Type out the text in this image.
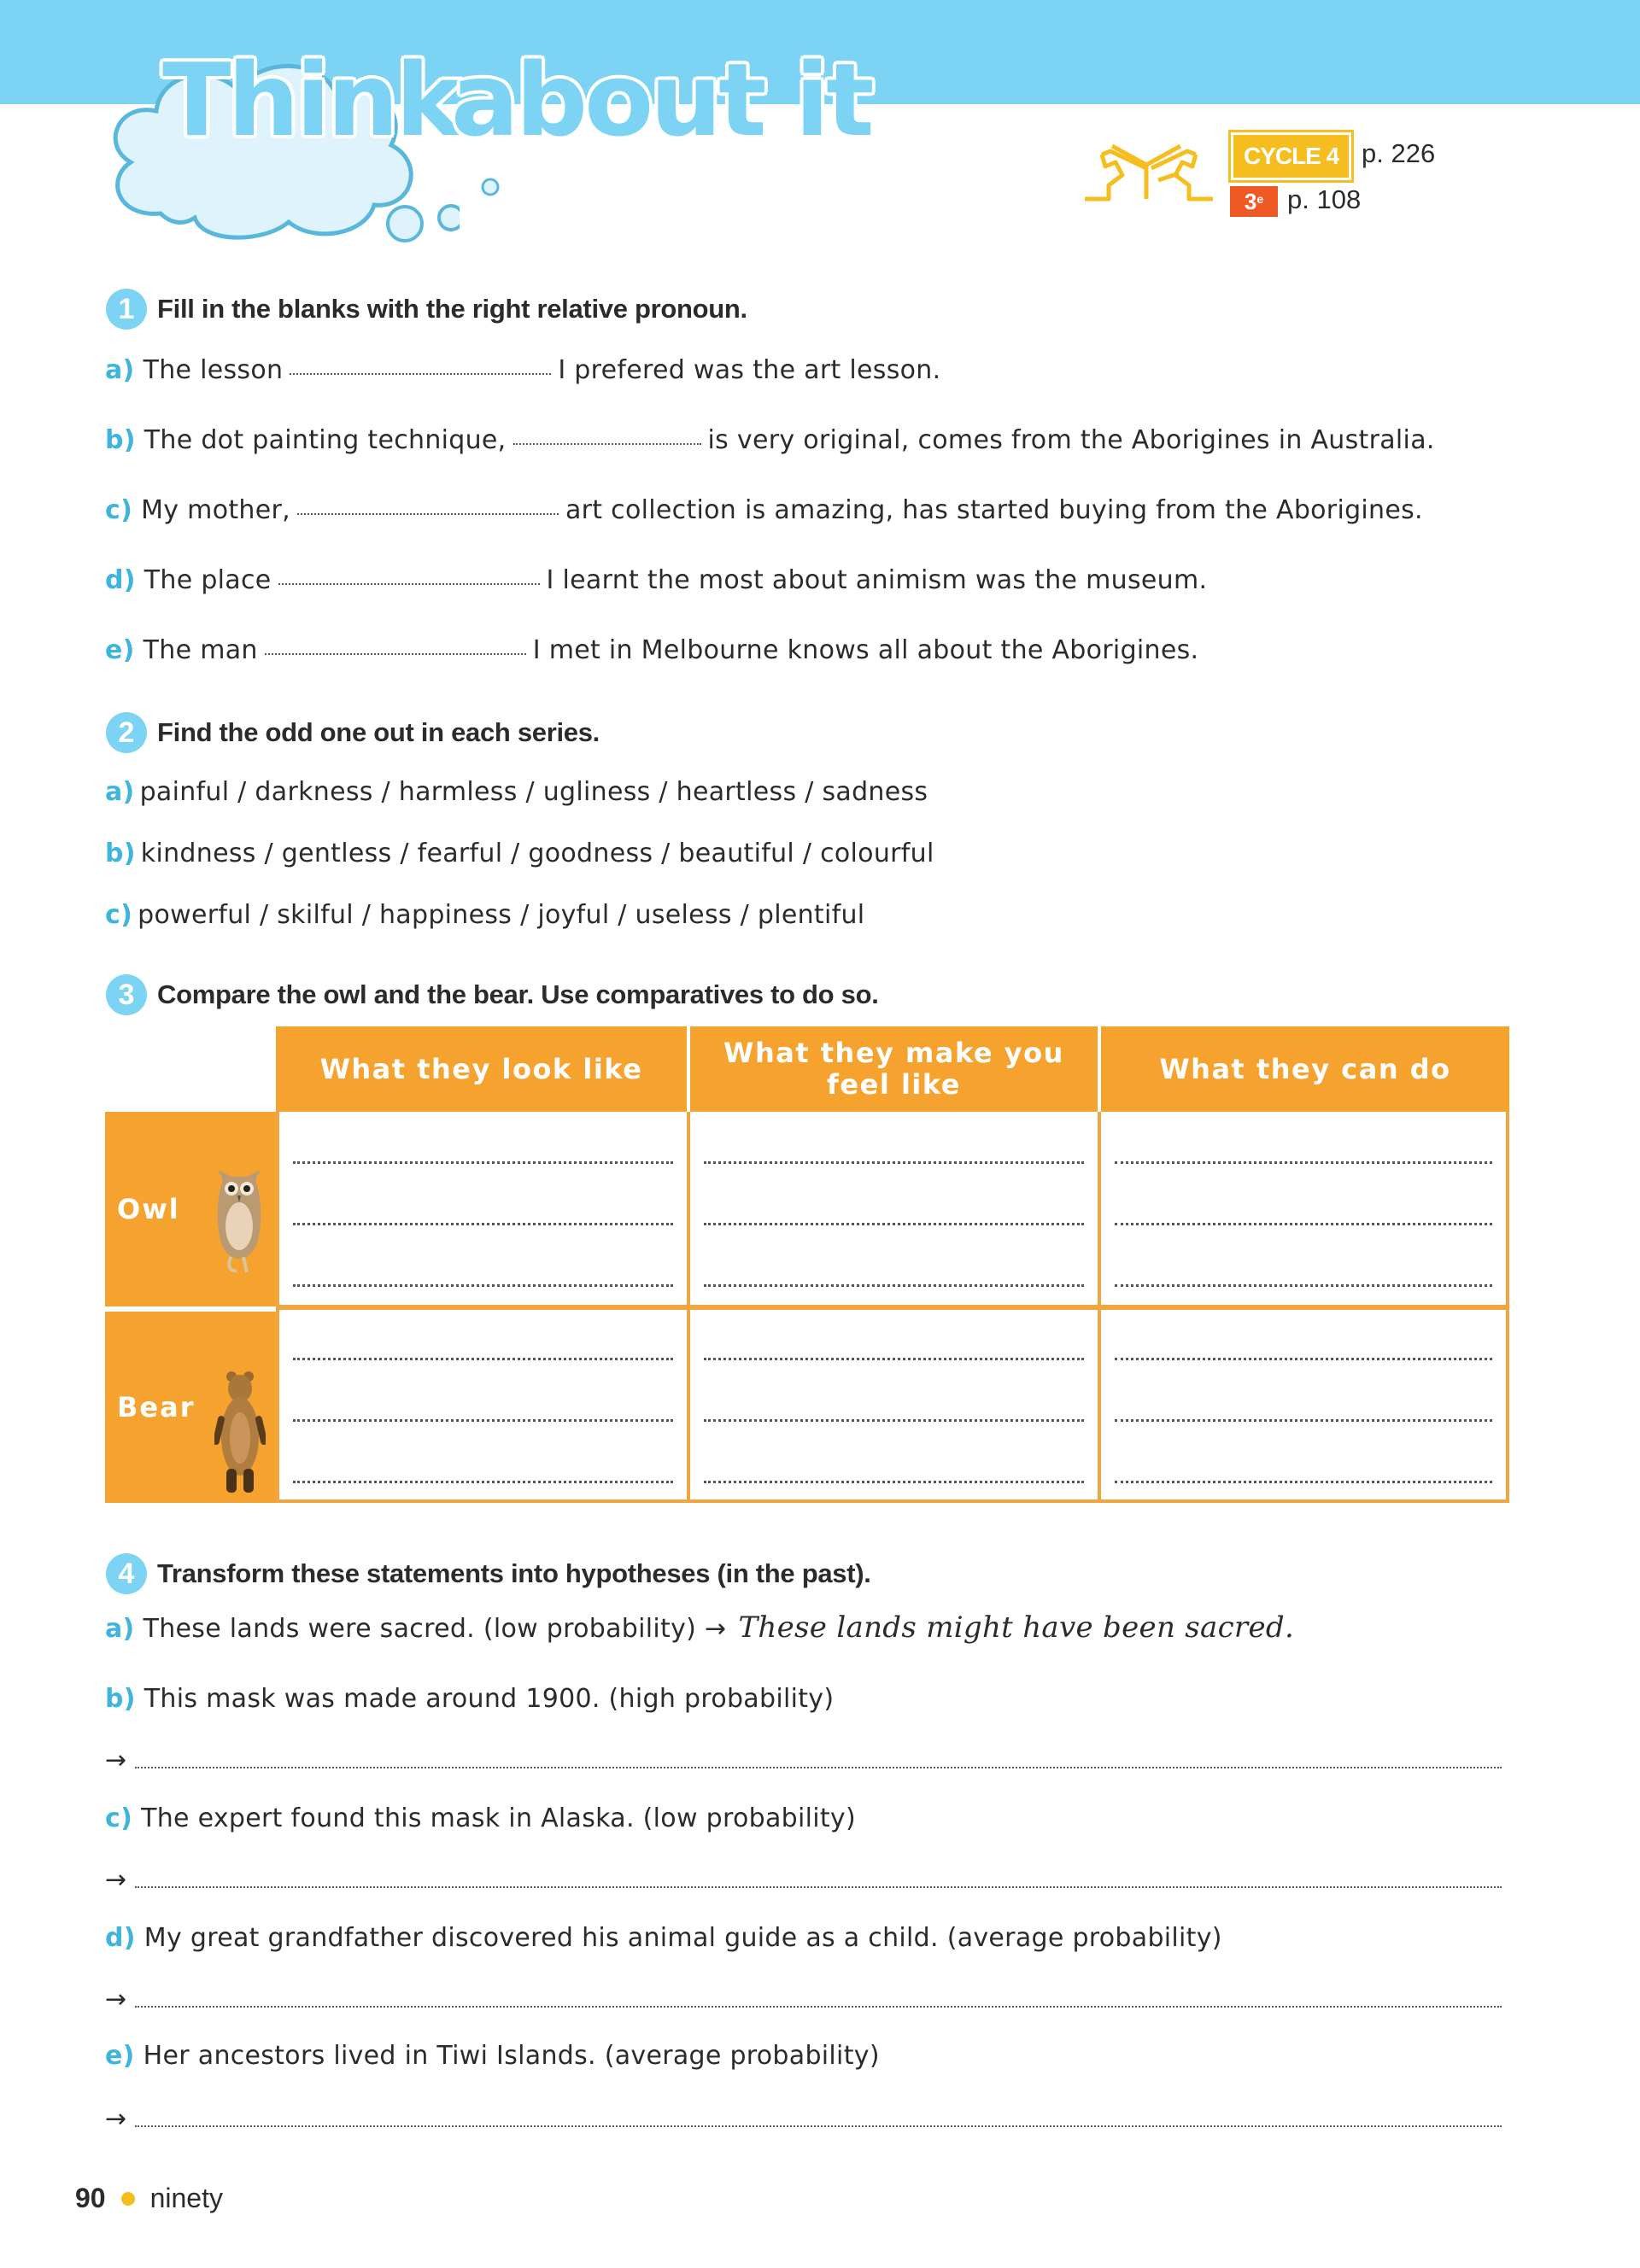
Think
about it	CYCLE 4 p. 226
3e p. 108
1 Fill in the blanks with the right relative pronoun.
a) The lesson	I prefered was the art lesson.
b) The dot painting technique,	is very original, comes from the Aborigines in Australia.
c) My mother,	art collection is amazing, has started buying from the Aborigines.
d) The place	I learnt the most about animism was the museum.
e) The man	I met in Melbourne knows all about the Aborigines.
2 Find the odd one out in each series.
a) painful / darkness / harmless / ugliness / heartless / sadness
b) kindness / gentless / fearful / goodness / beautiful / colourful
c) powerful / skilful / happiness / joyful / useless / plentiful
3 Compare the owl and the bear. Use comparatives to do so.
What they look like	What they make you feel like	What they can do
Owl
Bear
4 Transform these statements into hypotheses (in the past).
a) These lands were sacred. (low probability) → These lands might have been sacred.
b) This mask was made around 1900. (high probability)
→
c) The expert found this mask in Alaska. (low probability)
→
d) My great grandfather discovered his animal guide as a child. (average probability)
→
e) Her ancestors lived in Tiwi Islands. (average probability)
→
90 ninety
